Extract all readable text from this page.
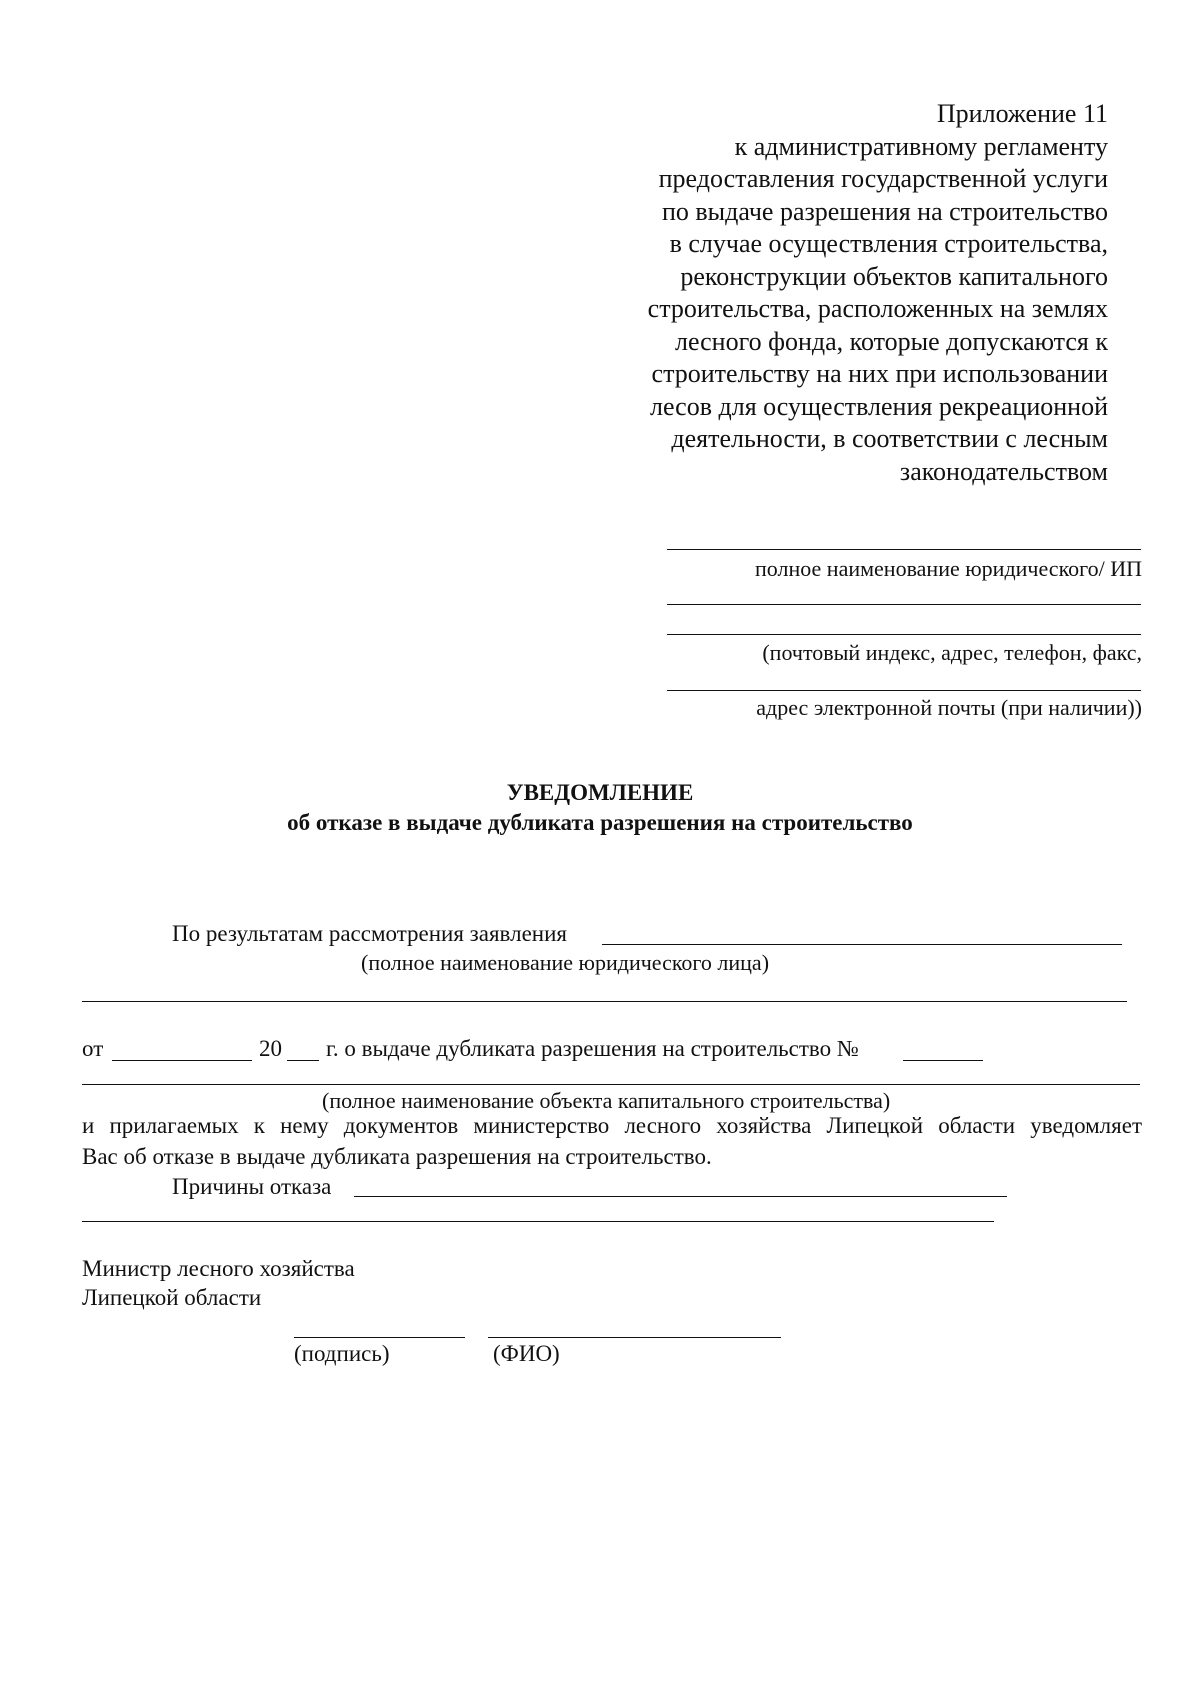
Приложение 11
к административному регламенту
предоставления государственной услуги
по выдаче разрешения на строительство
в случае осуществления строительства,
реконструкции объектов капитального
строительства, расположенных на землях
лесного фонда, которые допускаются к
строительству на них при использовании
лесов для осуществления рекреационной
деятельности, в соответствии с лесным
законодательством
полное наименование юридического/ ИП
(почтовый индекс, адрес, телефон, факс,
адрес электронной почты (при наличии))
УВЕДОМЛЕНИЕ
об отказе в выдаче дубликата разрешения на строительство
По результатам рассмотрения заявления
(полное наименование юридического лица)
от	20 г. о выдаче дубликата разрешения на строительство №
(полное наименование объекта капитального строительства)
и прилагаемых к нему документов министерство лесного хозяйства Липецкой области уведомляет
Вас об отказе в выдаче дубликата разрешения на строительство.
Причины отказа
Министр лесного хозяйства
Липецкой области
(подпись)	(ФИО)
